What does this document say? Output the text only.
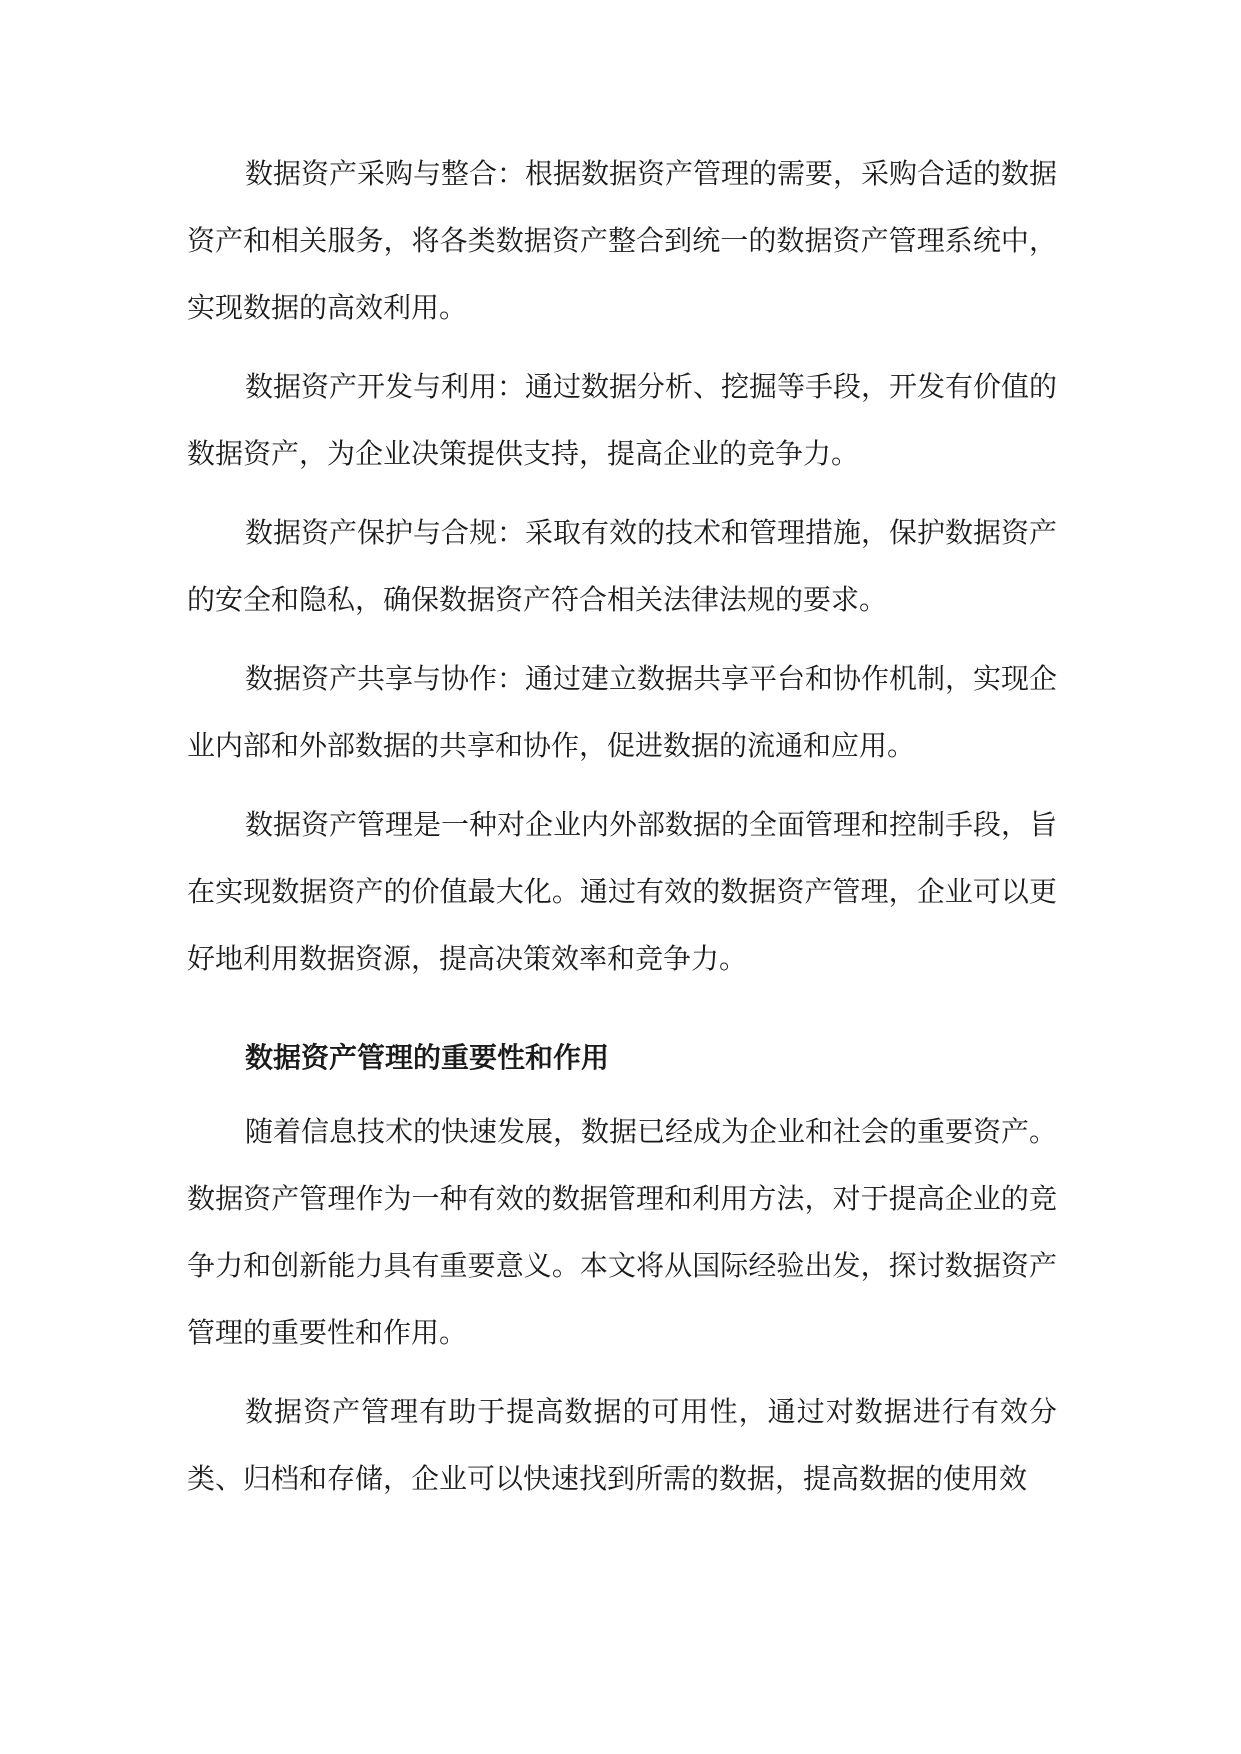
数据资产采购与整合：根据数据资产管理的需要，采购合适的数据资产和相关服务，将各类数据资产整合到统一的数据资产管理系统中，实现数据的高效利用。

数据资产开发与利用：通过数据分析、挖掘等手段，开发有价值的数据资产，为企业决策提供支持，提高企业的竞争力。

数据资产保护与合规：采取有效的技术和管理措施，保护数据资产的安全和隐私，确保数据资产符合相关法律法规的要求。

数据资产共享与协作：通过建立数据共享平台和协作机制，实现企业内部和外部数据的共享和协作，促进数据的流通和应用。

数据资产管理是一种对企业内外部数据的全面管理和控制手段，旨在实现数据资产的价值最大化。通过有效的数据资产管理，企业可以更好地利用数据资源，提高决策效率和竞争力。

数据资产管理的重要性和作用

随着信息技术的快速发展，数据已经成为企业和社会的重要资产。数据资产管理作为一种有效的数据管理和利用方法，对于提高企业的竞争力和创新能力具有重要意义。本文将从国际经验出发，探讨数据资产管理的重要性和作用。

数据资产管理有助于提高数据的可用性，通过对数据进行有效分类、归档和存储，企业可以快速找到所需的数据，提高数据的使用效
